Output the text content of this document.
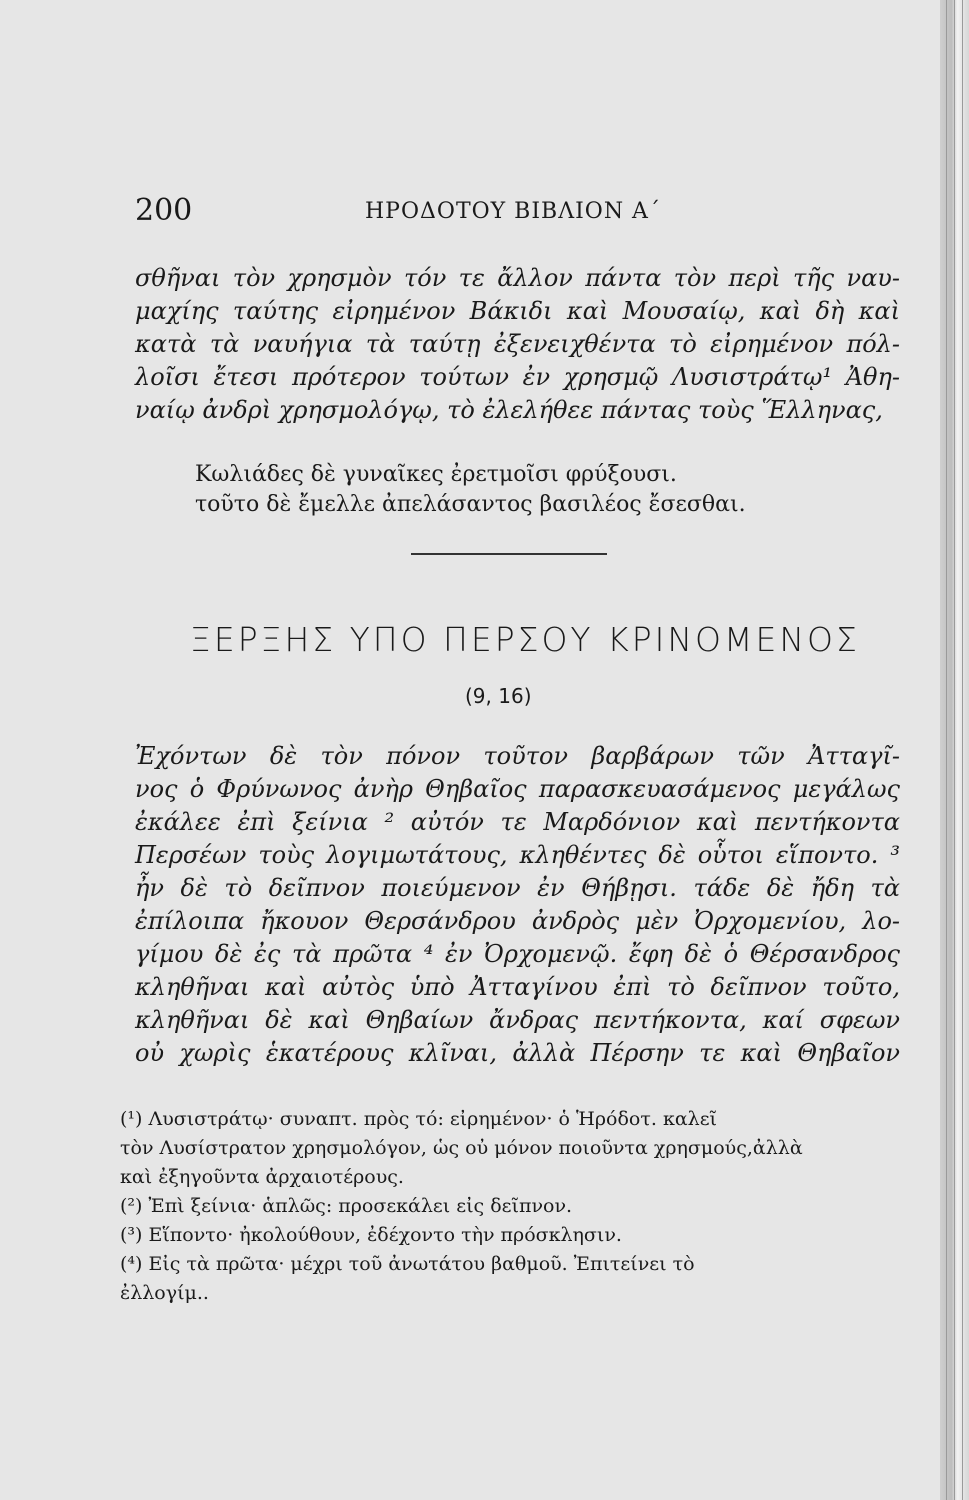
200	ΗΡΟΔΟΤΟΥ ΒΙΒΛΙΟΝ Α΄
σθῆναι τὸν χρησμὸν τόν τε ἄλλον πάντα τὸν περὶ τῆς ναυ-
μαχίης ταύτης εἰρημένον Βάκιδι καὶ Μουσαίῳ, καὶ δὴ καὶ
κατὰ τὰ ναυήγια τὰ ταύτῃ ἐξενειχθέντα τὸ εἰρημένον πόλ-
λοῖσι ἔτεσι πρότερον τούτων ἐν χρησμῷ Λυσιστράτῳ¹ Ἀθη-
ναίῳ ἀνδρὶ χρησμολόγῳ, τὸ ἐλελήθεε πάντας τοὺς Ἕλληνας,
Κωλιάδες δὲ γυναῖκες ἐρετμοῖσι φρύξουσι.
τοῦτο δὲ ἔμελλε ἀπελάσαντος βασιλέος ἔσεσθαι.
ΞΕΡΞΗΣ ΥΠΟ ΠΕΡΣΟΥ ΚΡΙΝΟΜΕΝΟΣ
(9, 16)
Ἐχόντων δὲ τὸν πόνον τοῦτον βαρβάρων τῶν Ἀτταγῖ-
νος ὁ Φρύνωνος ἀνὴρ Θηβαῖος παρασκευασάμενος μεγάλως
ἐκάλεε ἐπὶ ξείνια ² αὐτόν τε Μαρδόνιον καὶ πεντήκοντα
Περσέων τοὺς λογιμωτάτους, κληθέντες δὲ οὗτοι εἵποντο. ³
ἦν δὲ τὸ δεῖπνον ποιεύμενον ἐν Θήβῃσι. τάδε δὲ ἤδη τὰ
ἐπίλοιπα ἤκουον Θερσάνδρου ἀνδρὸς μὲν Ὀρχομενίου, λο-
γίμου δὲ ἐς τὰ πρῶτα ⁴ ἐν Ὀρχομενῷ. ἔφη δὲ ὁ Θέρσανδρος
κληθῆναι καὶ αὐτὸς ὑπὸ Ἀτταγίνου ἐπὶ τὸ δεῖπνον τοῦτο,
κληθῆναι δὲ καὶ Θηβαίων ἄνδρας πεντήκοντα, καί σφεων
οὐ χωρὶς ἑκατέρους κλῖναι, ἀλλὰ Πέρσην τε καὶ Θηβαῖον
(¹) Λυσιστράτῳ· συναπτ. πρὸς τό: εἰρημένον· ὁ Ἡρόδοτ. καλεῖ
τὸν Λυσίστρατον χρησμολόγον, ὡς οὐ μόνον ποιοῦντα χρησμούς,ἀλλὰ
καὶ ἐξηγοῦντα ἀρχαιοτέρους.
(²) Ἐπὶ ξείνια· ἁπλῶς: προσεκάλει εἰς δεῖπνον.
(³) Εἵποντο· ἠκολούθουν, ἐδέχοντο τὴν πρόσκλησιν.
(⁴) Εἰς τὰ πρῶτα· μέχρι τοῦ ἀνωτάτου βαθμοῦ. Ἐπιτείνει τὸ
ἐλλογίμ..
